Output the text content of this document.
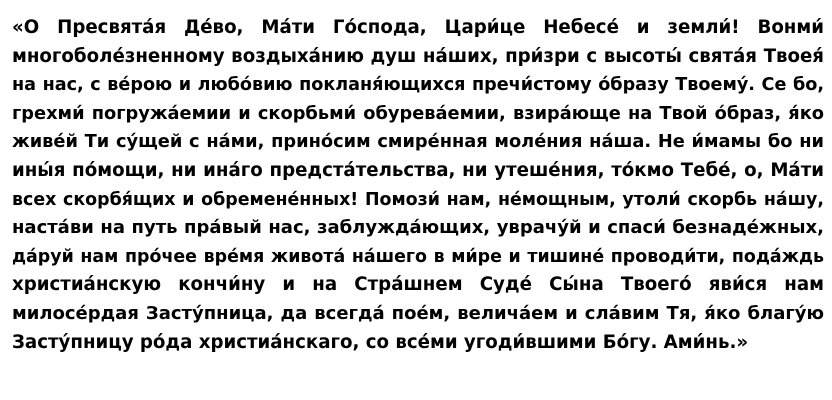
«О Пресвята́я Де́во, Ма́ти Го́спода, Цари́це Небесе́ и земли́! Вонми́
многоболе́зненному воздыха́нию душ на́ших, при́зри с высоты́ свята́я Твоея́
на нас, с ве́рою и любо́вию покланя́ющихся пречи́стому о́бразу Твоему́. Се бо,
грехми́ погружа́емии и скорбьми́ обурева́емии, взира́юще на Твой о́браз, я́ко
живе́й Ти су́щей с на́ми, прино́сим смире́нная моле́ния на́ша. Не и́мамы бо ни
ины́я по́мощи, ни ина́го предста́тельства, ни утеше́ния, то́кмо Тебе́, о, Ма́ти
всех скорбя́щих и обремене́нных! Помози́ нам, не́мощным, утоли́ скорбь на́шу,
наста́ви на путь пра́вый нас, заблужда́ющих, уврачу́й и спаси́ безнаде́жных,
да́руй нам про́чее вре́мя живота́ на́шего в ми́ре и тишине́ проводи́ти, пода́ждь
христиа́нскую кончи́ну и на Стра́шнем Суде́ Сы́на Твоего́ яви́ся нам
милосе́рдая Засту́пница, да всегда́ пое́м, велича́ем и сла́вим Тя, я́ко благу́ю
Засту́пницу ро́да христиа́нскаго, со все́ми угоди́вшими Бо́гу. Ами́нь.»
